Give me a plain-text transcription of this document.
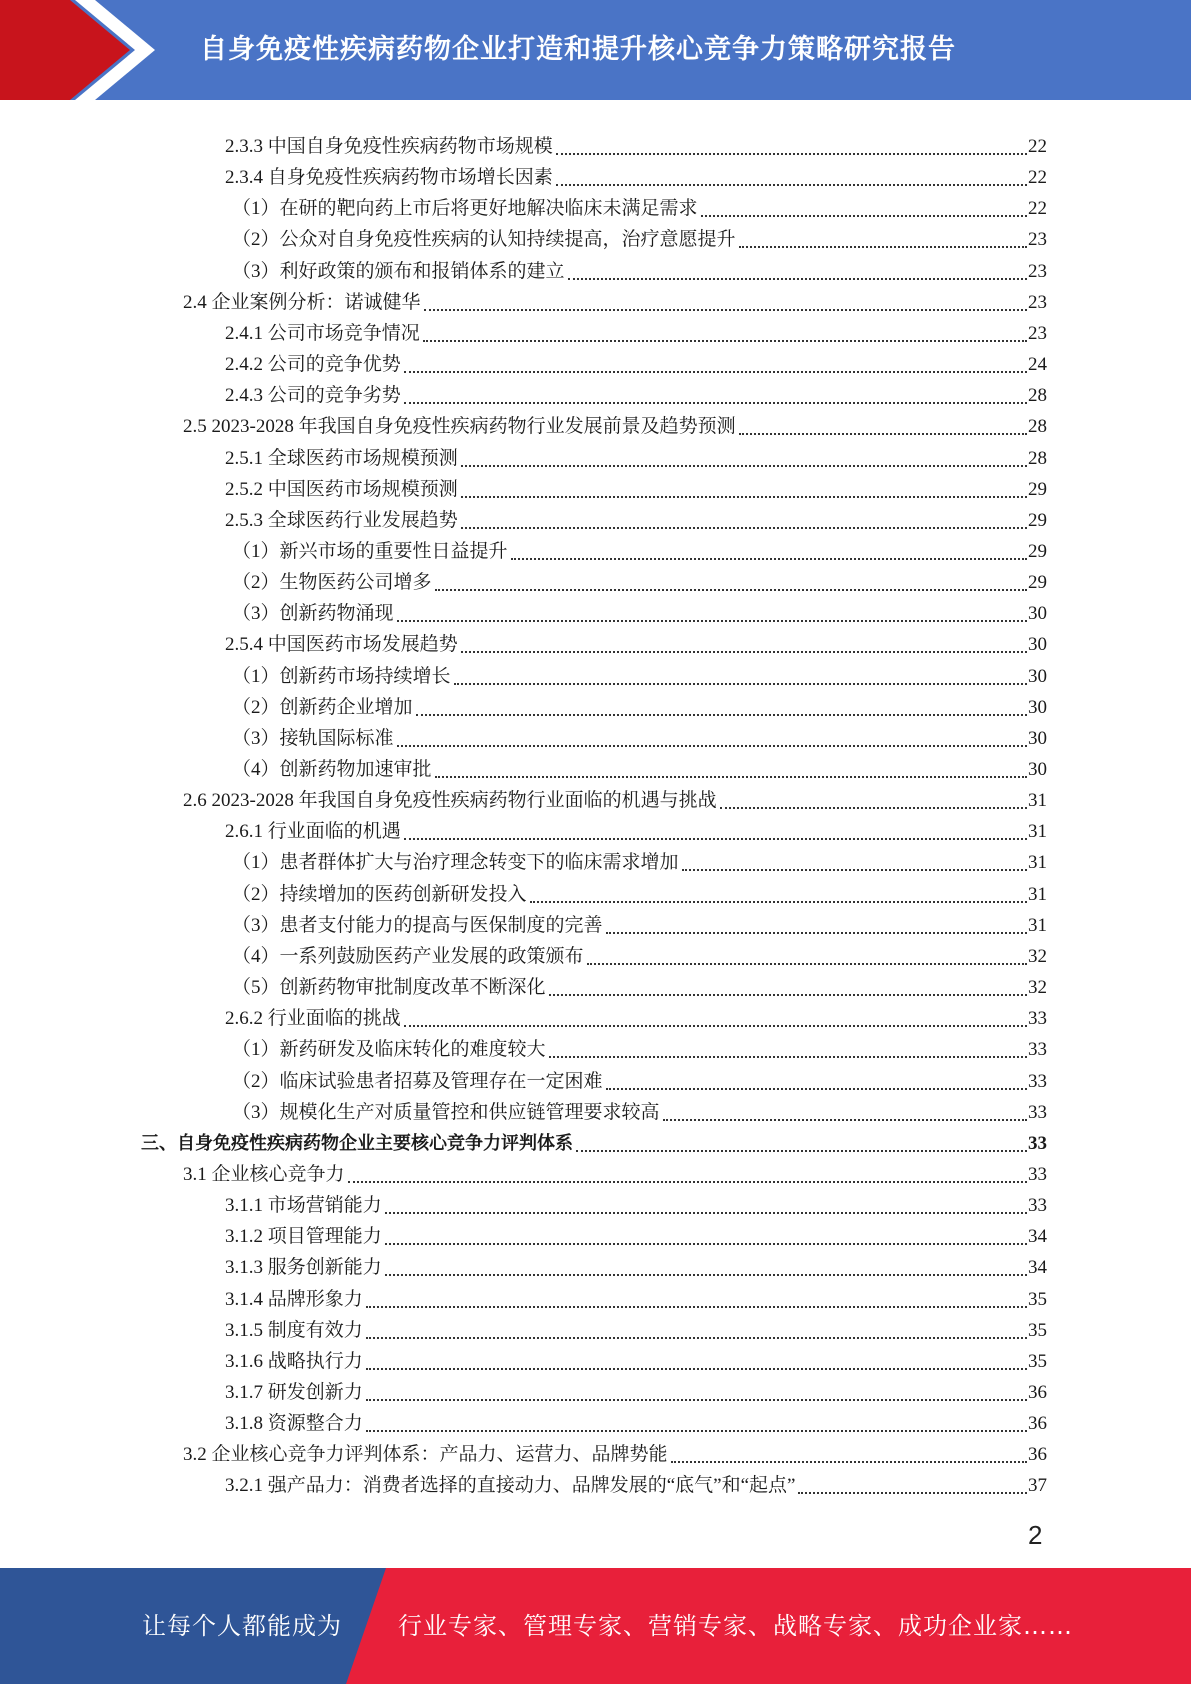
自身免疫性疾病药物企业打造和提升核心竞争力策略研究报告
2.3.3 中国自身免疫性疾病药物市场规模	22
2.3.4 自身免疫性疾病药物市场增长因素	22
（1）在研的靶向药上市后将更好地解决临床未满足需求	22
（2）公众对自身免疫性疾病的认知持续提高，治疗意愿提升	23
（3）利好政策的颁布和报销体系的建立	23
2.4 企业案例分析：诺诚健华	23
2.4.1 公司市场竞争情况	23
2.4.2 公司的竞争优势	24
2.4.3 公司的竞争劣势	28
2.5 2023-2028 年我国自身免疫性疾病药物行业发展前景及趋势预测	28
2.5.1 全球医药市场规模预测	28
2.5.2 中国医药市场规模预测	29
2.5.3 全球医药行业发展趋势	29
（1）新兴市场的重要性日益提升	29
（2）生物医药公司增多	29
（3）创新药物涌现	30
2.5.4 中国医药市场发展趋势	30
（1）创新药市场持续增长	30
（2）创新药企业增加	30
（3）接轨国际标准	30
（4）创新药物加速审批	30
2.6 2023-2028 年我国自身免疫性疾病药物行业面临的机遇与挑战	31
2.6.1 行业面临的机遇	31
（1）患者群体扩大与治疗理念转变下的临床需求增加	31
（2）持续增加的医药创新研发投入	31
（3）患者支付能力的提高与医保制度的完善	31
（4）一系列鼓励医药产业发展的政策颁布	32
（5）创新药物审批制度改革不断深化	32
2.6.2 行业面临的挑战	33
（1）新药研发及临床转化的难度较大	33
（2）临床试验患者招募及管理存在一定困难	33
（3）规模化生产对质量管控和供应链管理要求较高	33
三、自身免疫性疾病药物企业主要核心竞争力评判体系	33
3.1 企业核心竞争力	33
3.1.1 市场营销能力	33
3.1.2 项目管理能力	34
3.1.3 服务创新能力	34
3.1.4 品牌形象力	35
3.1.5 制度有效力	35
3.1.6 战略执行力	35
3.1.7 研发创新力	36
3.1.8 资源整合力	36
3.2 企业核心竞争力评判体系：产品力、运营力、品牌势能	36
3.2.1 强产品力：消费者选择的直接动力、品牌发展的“底气”和“起点”	37
2
让每个人都能成为 行业专家、管理专家、营销专家、战略专家、成功企业家……
